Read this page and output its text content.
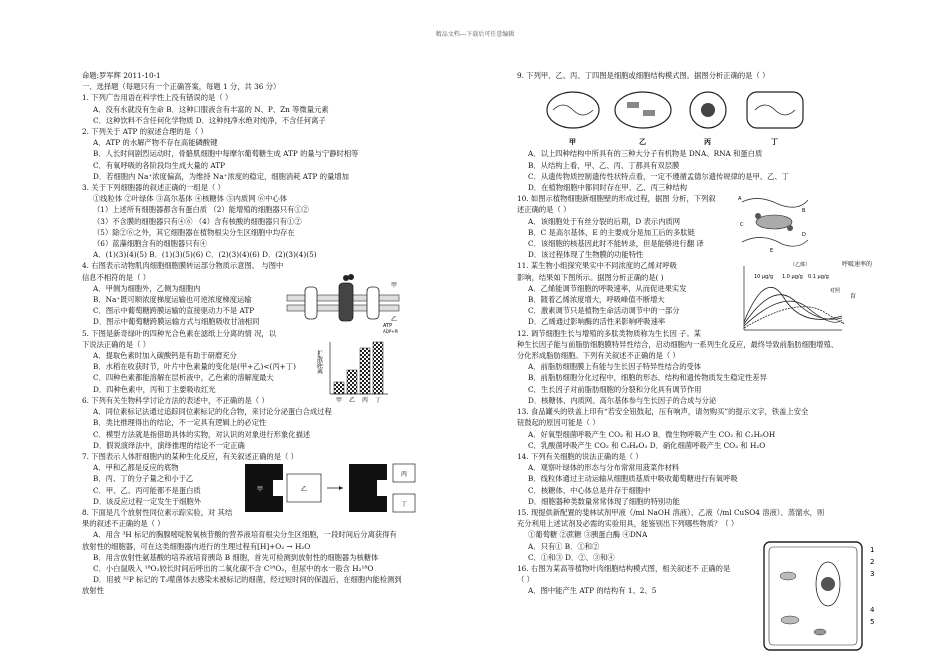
精品文档---下载后可任意编辑
命题:罗军辉 2011-10-1
一、选择题（每题只有一个正确答案，每题 1 分，共 36 分）
1. 下列广告用语在科学性上没有错误的是（ ）
A．没有水就没有生命 B．这种口服液含有丰富的 N、P、Zn 等微量元素
C．这种饮料不含任何化学物质 D．这种纯净水绝对纯净，不含任何离子
2. 下列关于 ATP 的叙述合理的是（ ）
A．ATP 的水解产物不存在高能磷酸键
B．人长时间剧烈运动时，骨骼肌细胞中每摩尔葡萄糖生成 ATP 的量与宁静时相等
C．有氧呼吸的各阶段均生成大量的 ATP
D．若细胞内 Na⁺浓度偏高，为维持 Na⁺浓度的稳定，细胞消耗 ATP 的量增加
3. 关于下列细胞器的叙述正确的一组是（ ）
①线粒体 ②叶绿体 ③高尔基体 ④核糖体 ⑤内质网 ⑥中心体
（1）上述所有细胞器都含有蛋白质 （2）能增殖的细胞器只有①②
（3）不含膜的细胞器只有④⑥ （4）含有核酸的细胞器只有①②
（5）除②⑥之外，其它细胞器在植物根尖分生区细胞中均存在
（6）蓝藻细胞含有的细胞器只有④
A．(1)(3)(4)(5) B．(1)(3)(5)(6) C．(2)(3)(4)(6) D．(2)(3)(4)(5)
4. 右图表示动物肌肉细胞细胞膜转运部分物质示意图。 与图中
信息不相符的是（ ）
A．甲侧为细胞外，乙侧为细胞内
B．Na⁺既可顺浓度梯度运输也可逆浓度梯度运输
C．图示中葡萄糖跨膜运输的直接驱动力不是 ATP
D．图示中葡萄糖跨膜运输方式与细胞吸收甘油相同
5. 下图是新奇绿叶的四种光合色素在滤纸上分离的情 况，以
下说法正确的是（ ）
A．提取色素时加入碳酸钙是有助于研磨充分
B．水稻在收获时节，叶片中色素量的变化是(甲+乙)<(丙+丁)
C．四种色素都能溶解在层析液中，乙色素的溶解度最大
D．四种色素中，丙和丁主要吸收红光
6. 下列有关生物科学讨论方法的表述中，不正确的是（ ）
A．同位素标记法通过追踪同位素标记的化合物，来讨论分泌蛋白合成过程
B．类比推理得出的结论，不一定具有逻辑上的必定性
C．模型方法就是指借助具体的实物，对认识的对象进行形象化描述
D．假说演绎法中，演绎推理的结论不一定正确
7. 下图表示人体肝细胞内的某种生化反应，有关叙述正确的是（ ）
A．甲和乙都是反应的底物
B．丙、丁的分子量之和小于乙
C．甲、乙、丙可能都不是蛋白质
D．该反应过程一定发生于细胞外
8. 下面是几个放射性同位素示踪实验，对 其结
果的叙述不正确的是（ ）
A．用含 ³H 标记的胸腺嘧啶脱氧核苷酸的营养液培育根尖分生区细胞，一段时间后分离获得有
放射性的细胞器，可在这类细胞器内进行的生理过程有[H]+O₂ → H₂O
B．用含放射性氨基酸的培养液培育胰岛 B 细胞，首先可检测到放射性的细胞器为核糖体
C．小白鼠吸入 ¹⁸O₂较长时间后呼出的二氧化碳不含 C¹⁸O₂，但尿中的水一般含 H₂¹⁸O
D．用被 ³²P 标记的 T₂噬菌体去感染未被标记的细菌，经过短时间的保温后，在细胞内能检测到
放射性
9. 下列甲、乙、丙、丁四图是细胞或细胞结构模式图。据图分析正确的是（ ）

A．以上四种结构中所具有的三种大分子有机物是 DNA、RNA 和蛋白质
B．从结构上看，甲、乙、丙、丁都具有双层膜
C．从遗传物质控制遗传性状特点看，一定不遵循孟德尔遗传规律的是甲、乙、丁
D．在植物细胞中都同时存在甲、乙、丙三种结构
10. 如图示植物细胞新细胞壁的形成过程，据图 分析，下列叙
述正确的是（ ）
A．该细胞处于有丝分裂的后期，D 表示内质网
B．C 是高尔基体，E 的主要成分是加工后的多肽链
C．该细胞的核基因此时不能转录，但是能够进行翻 译
D．该过程体现了生物膜的功能特性
11. 某生物小组探究果实中不同浓度的乙烯对呼吸
影响，结果如下图所示。据图分析正确的是( )
A．乙烯能调节细胞的呼吸速率，从而促进果实发
B．随着乙烯浓度增大，呼吸峰值不断增大
C．激素调节只是植物生命活动调节中的一部分
D．乙烯通过影响酶的活性来影响呼吸速率
12. 调节细胞生长与增殖的多肽类物质称为生长因 子。某
种生长因子能与前脂肪细胞膜特异性结合，启动细胞内一系列生化反应，最终导致前脂肪细胞增殖、
分化形成脂肪细胞。下列有关叙述不正确的是（ ）
A．前脂肪细胞膜上有能与生长因子特异性结合的受体
B．前脂肪细胞分化过程中，细胞的形态、结构和遗传物质发生稳定性差异
C．生长因子对前脂肪细胞的分裂和分化具有调节作用
D．核糖体、内质网、高尔基体参与生长因子的合成与分泌
13. 食品罐头的铁盖上印有“若安全钮鼓起，压有响声，请勿购买”的提示文字，铁盖上安全
钮鼓起的原因可能是（ ）
A．好氧型细菌呼吸产生 CO₂ 和 H₂O B．微生物呼吸产生 CO₂ 和 C₂H₅OH
C．乳酸菌呼吸产生 CO₂ 和 C₃H₆O₃ D．硝化细菌呼吸产生 CO₂ 和 H₂O
14. 下列有关细胞的说法正确的是（ ）
A．观察叶绿体的形态与分布常常用菠菜作材料
B．线粒体通过主动运输从细胞质基质中吸收葡萄糖进行有氧呼吸
C．核糖体、中心体总是并存于细胞中
D．细胞器种类数量常常体现了细胞的特别功能
15. 现提供新配置的斐林试剂甲液（/ml NaOH 溶液）、乙液（/ml CuSO4 溶液）、蒸馏水，则
充分利用上述试剂及必需的实验用具，能鉴别出下列哪些物质？（ ）
①葡萄糖 ②蔗糖 ③胰蛋白酶 ④DNA
A．只有① B．①和②
C．①和③ D．②、③和④
16. 右图为某高等植物叶肉细胞结构模式图，相关叙述不 正确的是
（ ）
A．图中能产生 ATP 的结构有 1、2、5
ATP
ADP+Pi
甲
乙
扩散距离
甲 乙 丙 丁
甲	乙
丙
丁
甲	乙	丙	丁
A
B
C
D
E
（乙烯）	呼吸速率的
10 μg/g 1.0 μg/g 0.1 μg/g
对照
育
1
2
3
4
5
